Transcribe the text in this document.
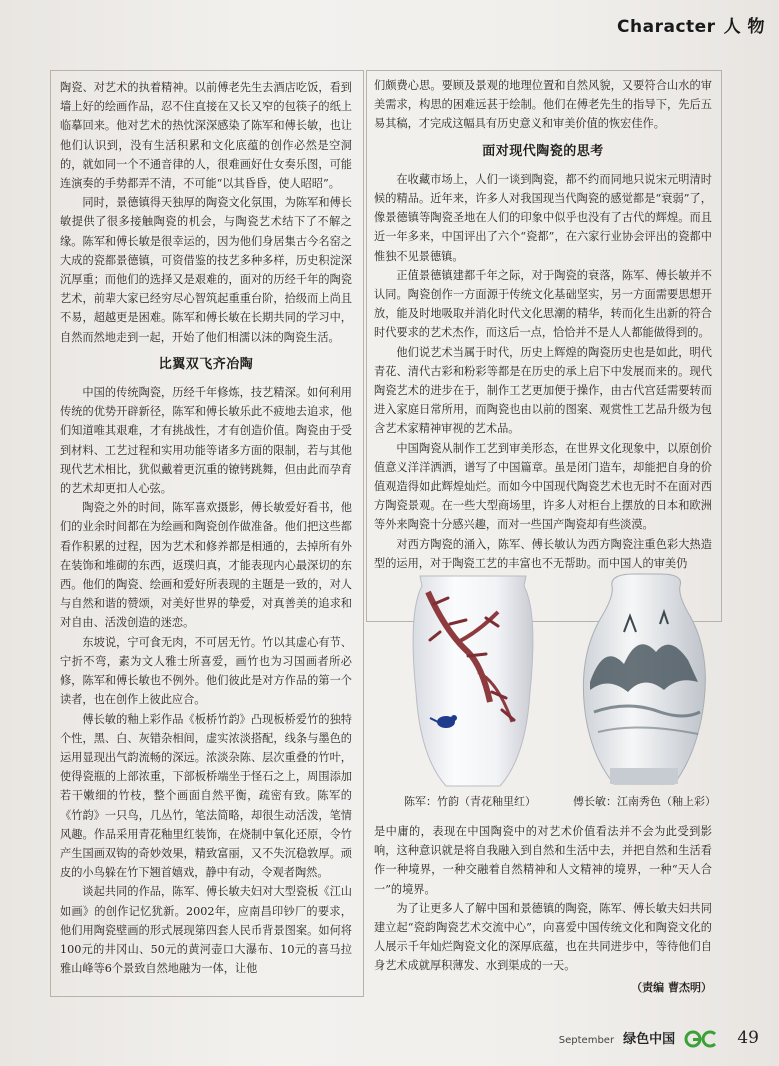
Character 人 物

陶瓷、对艺术的执着精神。以前傅老先生去酒店吃饭，看到墙上好的绘画作品，忍不住直接在又长又窄的包筷子的纸上临摹回来。他对艺术的热忱深深感染了陈军和傅长敏，也让他们认识到，没有生活积累和文化底蕴的创作必然是空洞的，就如同一个不通音律的人，很难画好仕女奏乐图，可能连演奏的手势都弄不清，不可能“以其昏昏，使人昭昭”。

同时，景德镇得天独厚的陶瓷文化氛围，为陈军和傅长敏提供了很多接触陶瓷的机会，与陶瓷艺术结下了不解之缘。陈军和傅长敏是很幸运的，因为他们身居集古今名窑之大成的瓷都景德镇，可资借鉴的技艺多种多样，历史积淀深沉厚重；而他们的选择又是艰难的，面对的历经千年的陶瓷艺术，前辈大家已经穷尽心智筑起重重台阶，拾级而上尚且不易，超越更是困难。陈军和傅长敏在长期共同的学习中，自然而然地走到一起，开始了他们相濡以沫的陶瓷生活。

比翼双飞齐冶陶

中国的传统陶瓷，历经千年修炼，技艺精深。如何利用传统的优势开辟新径，陈军和傅长敏乐此不疲地去追求，他们知道唯其艰难，才有挑战性，才有创造价值。陶瓷由于受到材料、工艺过程和实用功能等诸多方面的限制，若与其他现代艺术相比，犹似戴着更沉重的镣铐跳舞，但由此而孕育的艺术却更扣人心弦。

陶瓷之外的时间，陈军喜欢摄影，傅长敏爱好看书，他们的业余时间都在为绘画和陶瓷创作做准备。他们把这些都看作积累的过程，因为艺术和修养都是相通的，去掉所有外在装饰和堆砌的东西，返璞归真，才能表现内心最深切的东西。他们的陶瓷、绘画和爱好所表现的主题是一致的，对人与自然和谐的赞颂，对美好世界的挚爱，对真善美的追求和对自由、活泼创造的迷恋。

东坡说，宁可食无肉，不可居无竹。竹以其虚心有节、宁折不弯，素为文人雅士所喜爱，画竹也为习国画者所必修，陈军和傅长敏也不例外。他们彼此是对方作品的第一个读者，也在创作上彼此应合。

傅长敏的釉上彩作品《板桥竹韵》凸现板桥爱竹的独特个性，黑、白、灰错杂相间，虚实浓淡搭配，线条与墨色的运用显现出气韵流畅的深远。浓淡杂陈、层次重叠的竹叶，使得瓷瓶的上部浓重，下部板桥端坐于怪石之上，周围添加若干嫩细的竹枝，整个画面自然平衡，疏密有致。陈军的《竹韵》一只鸟，几丛竹，笔法简略，却很生动活泼，笔情风趣。作品采用青花釉里红装饰，在烧制中氧化还原，令竹产生国画双钩的奇妙效果，精致富丽，又不失沉稳敦厚。顽皮的小鸟躲在竹下翘首嬉戏，静中有动，令观者陶然。

谈起共同的作品，陈军、傅长敏夫妇对大型瓷板《江山如画》的创作记忆犹新。2002年，应南昌印钞厂的要求，他们用陶瓷壁画的形式展现第四套人民币背景图案。如何将100元的井冈山、50元的黄河壶口大瀑布、10元的喜马拉雅山峰等6个景致自然地融为一体，让他

们颇费心思。要顾及景观的地理位置和自然风貌，又要符合山水的审美需求，构思的困难远甚于绘制。他们在傅老先生的指导下，先后五易其稿，才完成这幅具有历史意义和审美价值的恢宏佳作。

面对现代陶瓷的思考

在收藏市场上，人们一谈到陶瓷，都不约而同地只说宋元明清时候的精品。近年来，许多人对我国现当代陶瓷的感觉都是“衰弱”了，像景德镇等陶瓷圣地在人们的印象中似乎也没有了古代的辉煌。而且近一年多来，中国评出了六个“瓷都”，在六家行业协会评出的瓷都中惟独不见景德镇。

正值景德镇建都千年之际，对于陶瓷的衰落，陈军、傅长敏并不认同。陶瓷创作一方面源于传统文化基础坚实，另一方面需要思想开放，能及时地吸取并消化时代文化思潮的精华，转而化生出新的符合时代要求的艺术杰作，而这后一点，恰恰并不是人人都能做得到的。

他们说艺术当属于时代，历史上辉煌的陶瓷历史也是如此，明代青花、清代古彩和粉彩等都是在历史的承上启下中发展而来的。现代陶瓷艺术的进步在于，制作工艺更加便于操作，由古代宫廷需要转而进入家庭日常所用，而陶瓷也由以前的图案、观赏性工艺品升级为包含艺术家精神审视的艺术品。

中国陶瓷从制作工艺到审美形态，在世界文化现象中，以原创价值意义洋洋洒洒，谱写了中国篇章。虽是闭门造车，却能把自身的价值观造得如此辉煌灿烂。而如今中国现代陶瓷艺术也无时不在面对西方陶瓷景观。在一些大型商场里，许多人对柜台上摆放的日本和欧洲等外来陶瓷十分感兴趣，而对一些国产陶瓷却有些淡漠。

对西方陶瓷的涌入，陈军、傅长敏认为西方陶瓷注重色彩大热造型的运用，对于陶瓷工艺的丰富也不无帮助。而中国人的审美仍

陈军：竹韵（青花釉里红）	傅长敏：江南秀色（釉上彩）

是中庸的，表现在中国陶瓷中的对艺术价值看法并不会为此受到影响，这种意识就是将自我融入到自然和生活中去，并把自然和生活看作一种境界，一种交融着自然精神和人文精神的境界，一种“天人合一”的境界。

为了让更多人了解中国和景德镇的陶瓷，陈军、傅长敏夫妇共同建立起“瓷韵陶瓷艺术交流中心”，向喜爱中国传统文化和陶瓷文化的人展示千年灿烂陶瓷文化的深厚底蕴，也在共同进步中，等待他们自身艺术成就厚积薄发、水到渠成的一天。

（责编 曹杰明）
September 绿色中国	49
